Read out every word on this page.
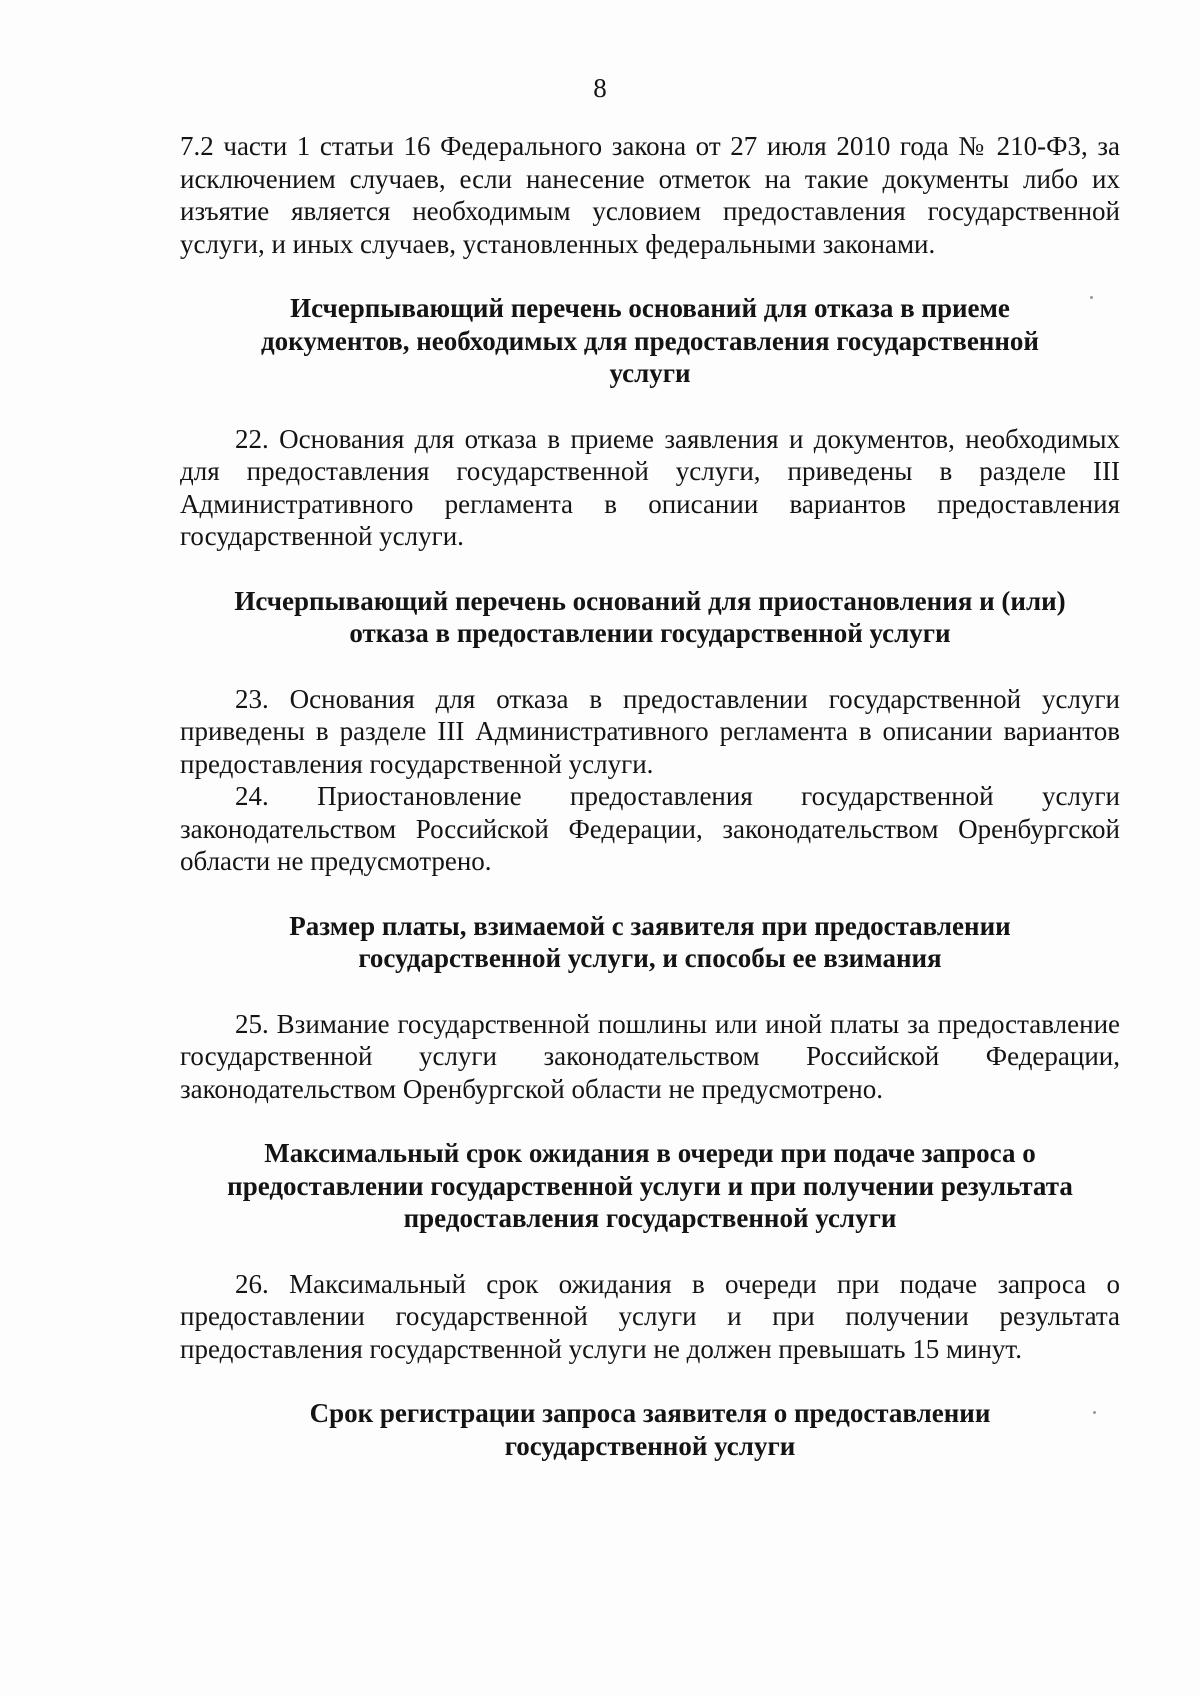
8

7.2 части 1 статьи 16 Федерального закона от 27 июля 2010 года № 210-ФЗ, за исключением случаев, если нанесение отметок на такие документы либо их изъятие является необходимым условием предоставления государственной услуги, и иных случаев, установленных федеральными законами.

Исчерпывающий перечень оснований для отказа в приеме документов, необходимых для предоставления государственной услуги

22. Основания для отказа в приеме заявления и документов, необходимых для предоставления государственной услуги, приведены в разделе III Административного регламента в описании вариантов предоставления государственной услуги.

Исчерпывающий перечень оснований для приостановления и (или) отказа в предоставлении государственной услуги

23. Основания для отказа в предоставлении государственной услуги приведены в разделе III Административного регламента в описании вариантов предоставления государственной услуги.

24. Приостановление предоставления государственной услуги законодательством Российской Федерации, законодательством Оренбургской области не предусмотрено.

Размер платы, взимаемой с заявителя при предоставлении государственной услуги, и способы ее взимания

25. Взимание государственной пошлины или иной платы за предоставление государственной услуги законодательством Российской Федерации, законодательством Оренбургской области не предусмотрено.

Максимальный срок ожидания в очереди при подаче запроса о предоставлении государственной услуги и при получении результата предоставления государственной услуги

26. Максимальный срок ожидания в очереди при подаче запроса о предоставлении государственной услуги и при получении результата предоставления государственной услуги не должен превышать 15 минут.

Срок регистрации запроса заявителя о предоставлении государственной услуги
